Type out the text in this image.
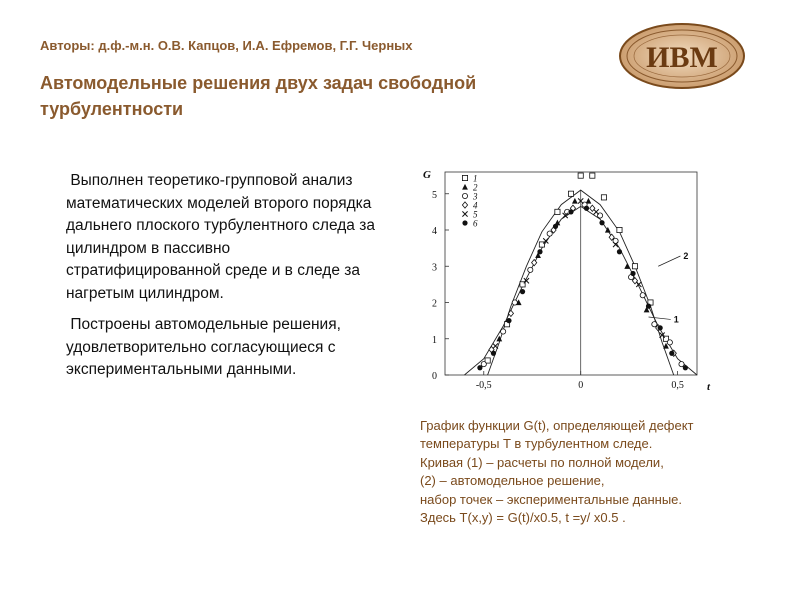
Авторы: д.ф.-м.н. О.В. Капцов, И.А. Ефремов, Г.Г. Черных
Автомодельные решения двух задач свободной
турбулентности
ИВМ

Выполнен теоретико-групповой анализ математических моделей второго порядка дальнего плоского турбулентного следа за цилиндром в пассивно стратифицированной среде и в следе за нагретым цилиндром.

Построены автомодельные решения, удовлетворительно согласующиеся с экспериментальными данными.	0
1
2
3
4
5
-0,5	0	0,5
G
t
1
2
1
2
3
4
5
6
График функции G(t), определяющей дефект
температуры T в турбулентном следе.
Кривая (1) – расчеты по полной модели,
(2) – автомодельное решение,
набор точек – экспериментальные данные.
Здесь T(x,y) = G(t)/x0.5, t =y/ x0.5 .
